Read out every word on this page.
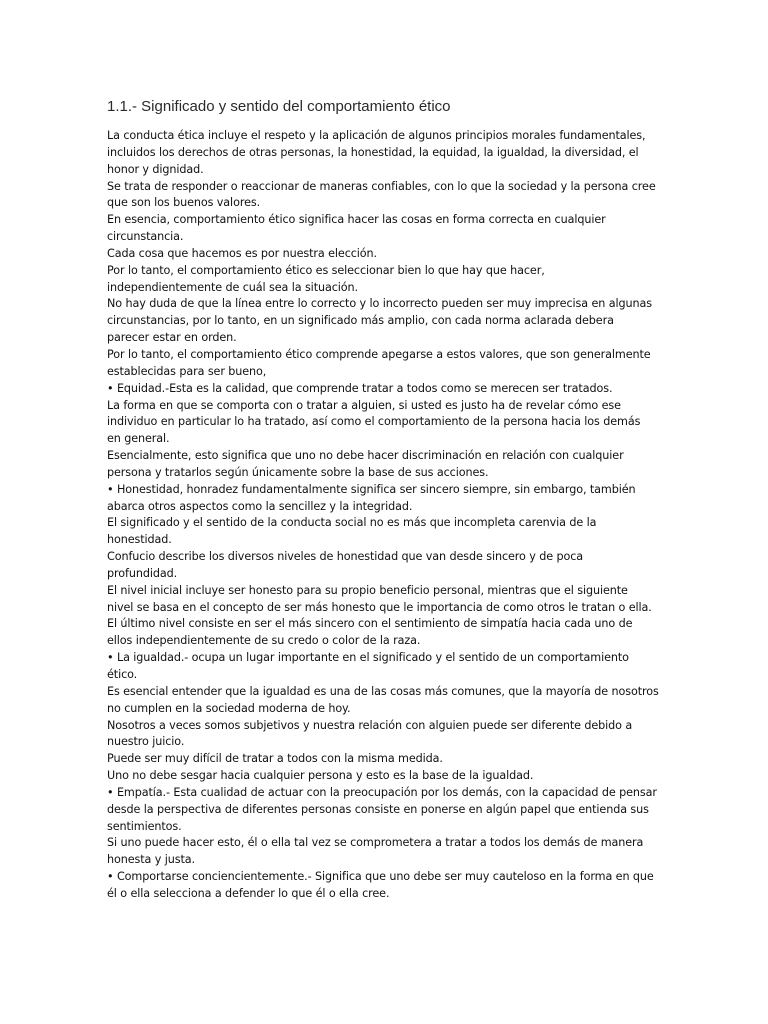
1.1.- Significado y sentido del comportamiento ético
La conducta ética incluye el respeto y la aplicación de algunos principios morales fundamentales,
incluidos los derechos de otras personas, la honestidad, la equidad, la igualdad, la diversidad, el
honor y dignidad.
Se trata de responder o reaccionar de maneras confiables, con lo que la sociedad y la persona cree
que son los buenos valores.
En esencia, comportamiento ético significa hacer las cosas en forma correcta en cualquier
circunstancia.
Cada cosa que hacemos es por nuestra elección.
Por lo tanto, el comportamiento ético es seleccionar bien lo que hay que hacer,
independientemente de cuál sea la situación.
No hay duda de que la línea entre lo correcto y lo incorrecto pueden ser muy imprecisa en algunas
circunstancias, por lo tanto, en un significado más amplio, con cada norma aclarada debera
parecer estar en orden.
Por lo tanto, el comportamiento ético comprende apegarse a estos valores, que son generalmente
establecidas para ser bueno,
• Equidad.-Esta es la calidad, que comprende tratar a todos como se merecen ser tratados.
La forma en que se comporta con o tratar a alguien, si usted es justo ha de revelar cómo ese
individuo en particular lo ha tratado, así como el comportamiento de la persona hacia los demás
en general.
Esencialmente, esto significa que uno no debe hacer discriminación en relación con cualquier
persona y tratarlos según únicamente sobre la base de sus acciones.
• Honestidad, honradez fundamentalmente significa ser sincero siempre, sin embargo, también
abarca otros aspectos como la sencillez y la integridad.
El significado y el sentido de la conducta social no es más que incompleta carenvia de la
honestidad.
Confucio describe los diversos niveles de honestidad que van desde sincero y de poca
profundidad.
El nivel inicial incluye ser honesto para su propio beneficio personal, mientras que el siguiente
nivel se basa en el concepto de ser más honesto que le importancia de como otros le tratan o ella.
El último nivel consiste en ser el más sincero con el sentimiento de simpatía hacia cada uno de
ellos independientemente de su credo o color de la raza.
• La igualdad.- ocupa un lugar importante en el significado y el sentido de un comportamiento
ético.
Es esencial entender que la igualdad es una de las cosas más comunes, que la mayoría de nosotros
no cumplen en la sociedad moderna de hoy.
Nosotros a veces somos subjetivos y nuestra relación con alguien puede ser diferente debido a
nuestro juicio.
Puede ser muy difícil de tratar a todos con la misma medida.
Uno no debe sesgar hacia cualquier persona y esto es la base de la igualdad.
• Empatía.- Esta cualidad de actuar con la preocupación por los demás, con la capacidad de pensar
desde la perspectiva de diferentes personas consiste en ponerse en algún papel que entienda sus
sentimientos.
Si uno puede hacer esto, él o ella tal vez se comprometera a tratar a todos los demás de manera
honesta y justa.
• Comportarse conciencientemente.- Significa que uno debe ser muy cauteloso en la forma en que
él o ella selecciona a defender lo que él o ella cree.
